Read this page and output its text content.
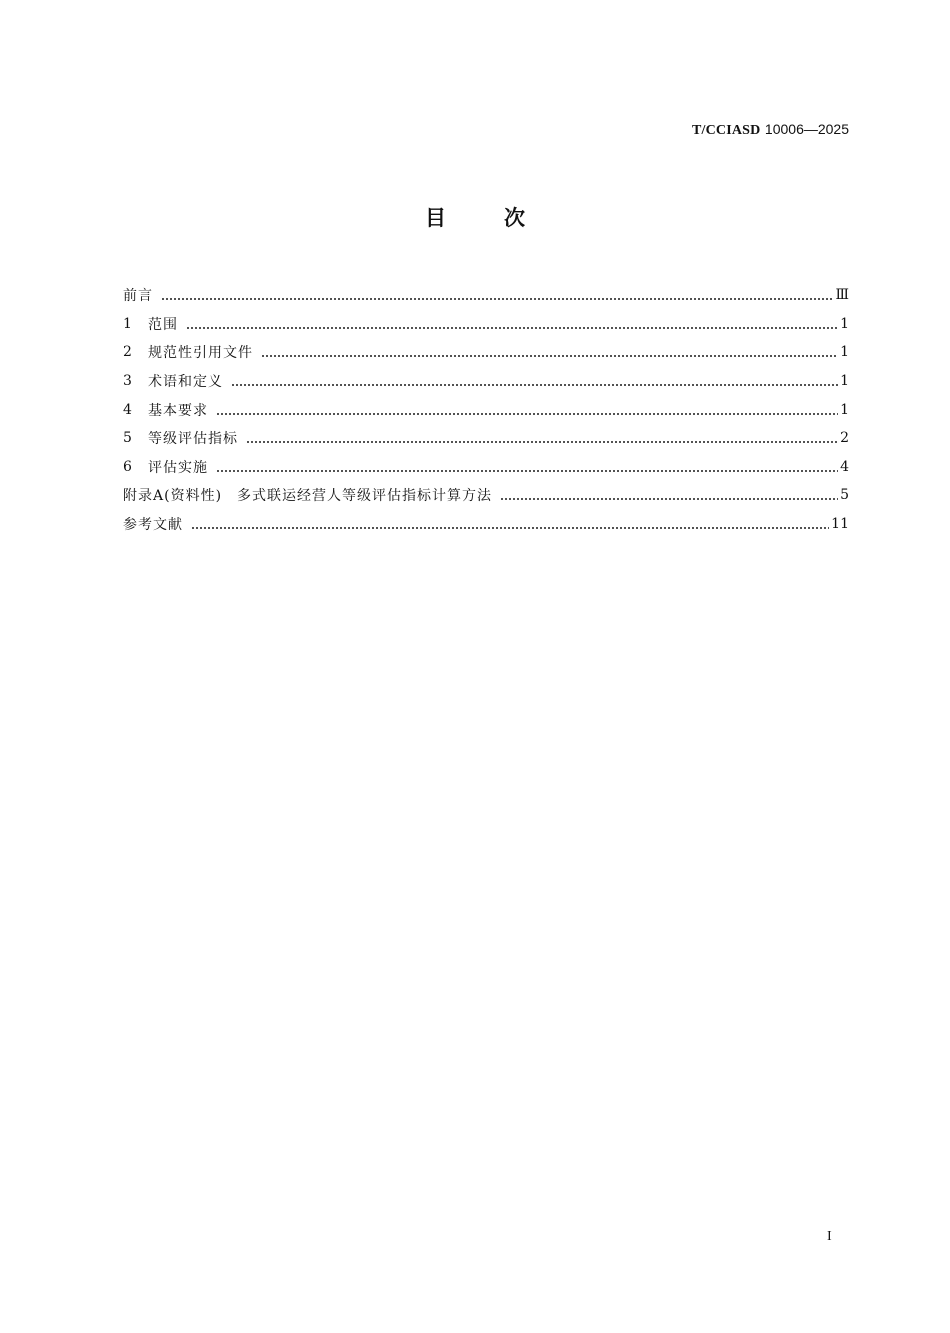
T/CCIASD 10006—2025
目次
前言	Ⅲ
1	范围	1
2	规范性引用文件	1
3	术语和定义	1
4	基本要求	1
5	等级评估指标	2
6	评估实施	4
附录A(资料性)　多式联运经营人等级评估指标计算方法	5
参考文献	11
I
